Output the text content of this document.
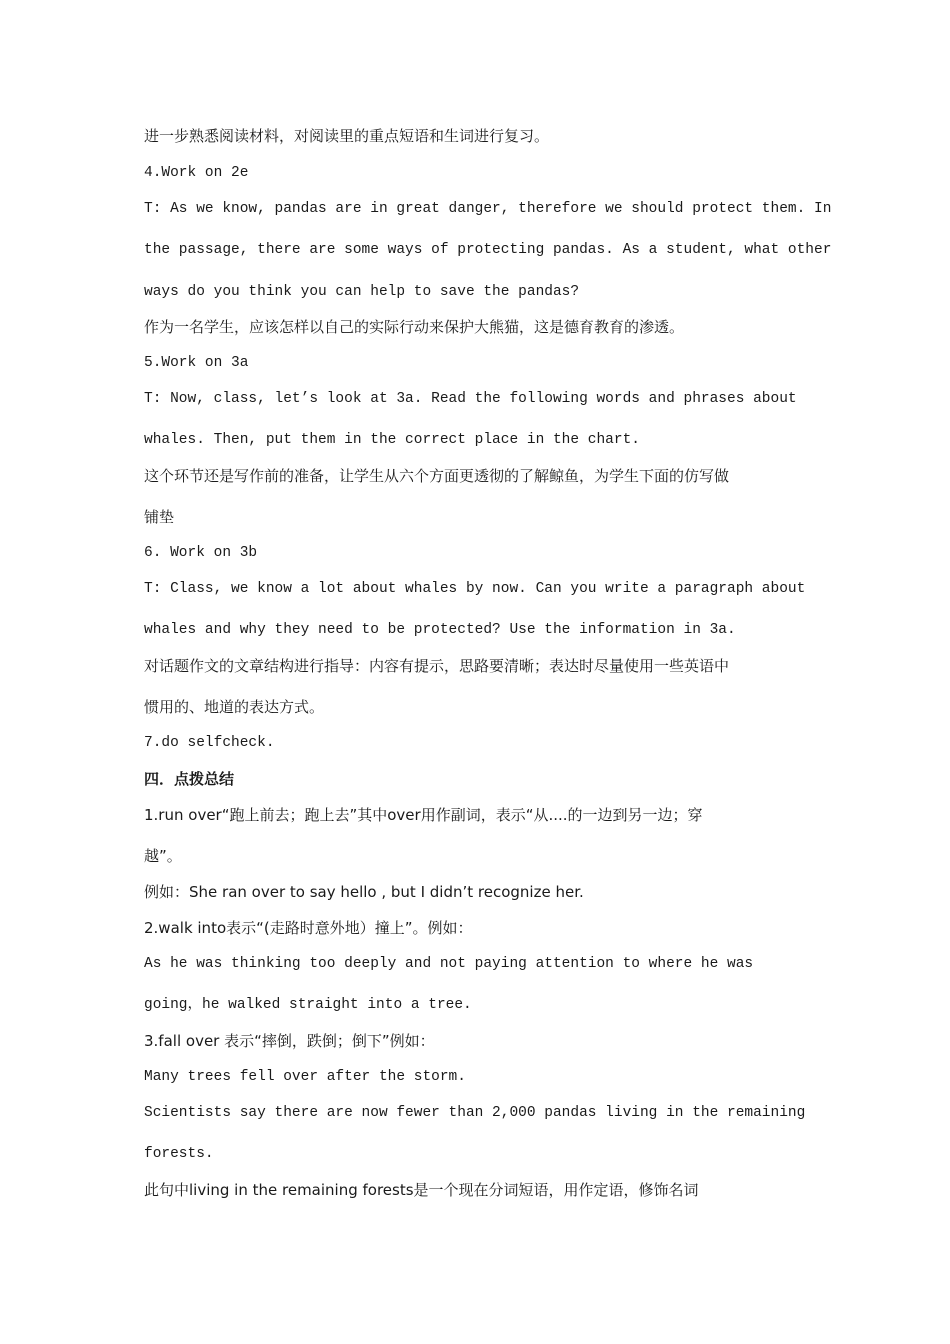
进一步熟悉阅读材料，对阅读里的重点短语和生词进行复习。
4.Work on 2e
T: As we know, pandas are in great danger, therefore we should protect them. In
the passage, there are some ways of protecting pandas. As a student, what other
ways do you think you can help to save the pandas?
作为一名学生，应该怎样以自己的实际行动来保护大熊猫，这是德育教育的渗透。
5.Work on 3a
T: Now, class, let’s look at 3a. Read the following words and phrases about
whales. Then, put them in the correct place in the chart.
这个环节还是写作前的准备，让学生从六个方面更透彻的了解鲸鱼，为学生下面的仿写做
铺垫
6. Work on 3b
T: Class, we know a lot about whales by now. Can you write a paragraph about
whales and why they need to be protected? Use the information in 3a.
对话题作文的文章结构进行指导：内容有提示，思路要清晰；表达时尽量使用一些英语中
惯用的、地道的表达方式。
7.do selfcheck.
四．点拨总结
1.run over“跑上前去；跑上去”其中over用作副词，表示“从....的一边到另一边；穿
越”。
例如：She ran over to say hello , but I didn’t recognize her.
2.walk into表示“(走路时意外地）撞上”。例如：
As he was thinking too deeply and not paying attention to where he was
going，he walked straight into a tree.
3.fall over 表示“摔倒，跌倒；倒下”例如：
Many trees fell over after the storm.
Scientists say there are now fewer than 2,000 pandas living in the remaining
forests.
此句中living in the remaining forests是一个现在分词短语，用作定语，修饰名词
